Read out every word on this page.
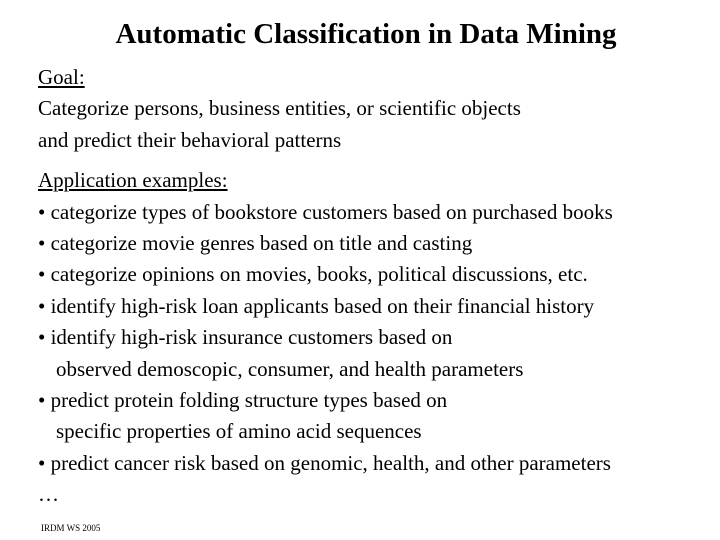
Automatic Classification in Data Mining
Goal:
Categorize persons, business entities, or scientific objects
and predict their behavioral patterns
Application examples:
• categorize types of bookstore customers based on purchased books
• categorize movie genres based on title and casting
• categorize opinions on movies, books, political discussions, etc.
• identify high-risk loan applicants based on their financial history
• identify high-risk insurance customers based on
observed demoscopic, consumer, and health parameters
• predict protein folding structure types based on
specific properties of amino acid sequences
• predict cancer risk based on genomic, health, and other parameters
…
IRDM WS 2005
